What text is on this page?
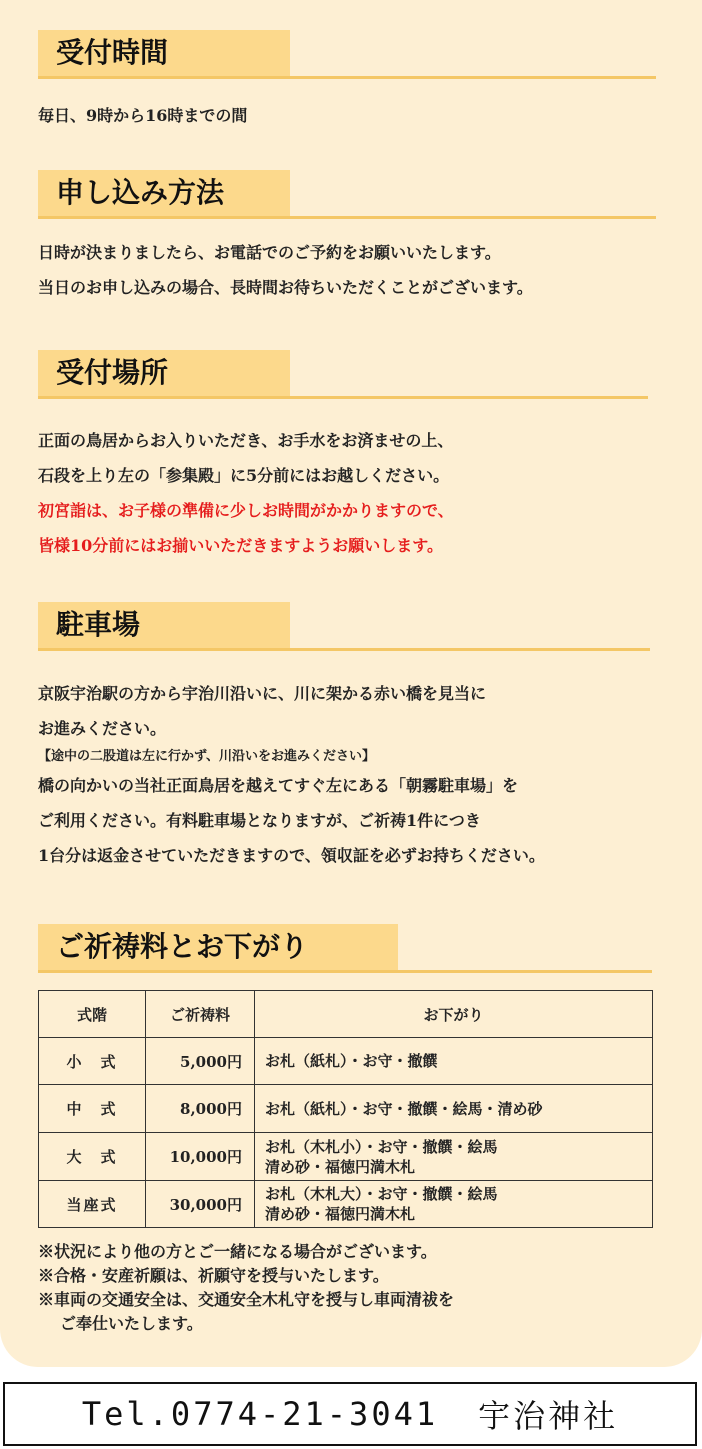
受付時間

毎日、9時から16時までの間

申し込み方法

日時が決まりましたら、お電話でのご予約をお願いいたします。
当日のお申し込みの場合、長時間お待ちいただくことがございます。

受付場所

正面の鳥居からお入りいただき、お手水をお済ませの上、
石段を上り左の「参集殿」に5分前にはお越しください。
初宮詣は、お子様の準備に少しお時間がかかりますので、
皆様10分前にはお揃いいただきますようお願いします。

駐車場
京阪宇治駅の方から宇治川沿いに、川に架かる赤い橋を見当に
お進みください。
【途中の二股道は左に行かず、川沿いをお進みください】
橋の向かいの当社正面鳥居を越えてすぐ左にある「朝霧駐車場」を
ご利用ください。有料駐車場となりますが、ご祈祷1件につき
1台分は返金させていただきますので、領収証を必ずお持ちください。
ご祈祷料とお下がり
式階	ご祈祷料	お下がり
小　式	5,000円	お札（紙札）・お守・撤饌
中　式	8,000円	お札（紙札）・お守・撤饌・絵馬・清め砂
大　式	10,000円	お札（木札小）・お守・撤饌・絵馬
清め砂・福徳円満木札
当座式	30,000円	お札（木札大）・お守・撤饌・絵馬
清め砂・福徳円満木札
※状況により他の方とご一緒になる場合がございます。
※合格・安産祈願は、祈願守を授与いたします。
※車両の交通安全は、交通安全木札守を授与し車両清祓を
ご奉仕いたします。
Tel.0774-21-3041 宇治神社
